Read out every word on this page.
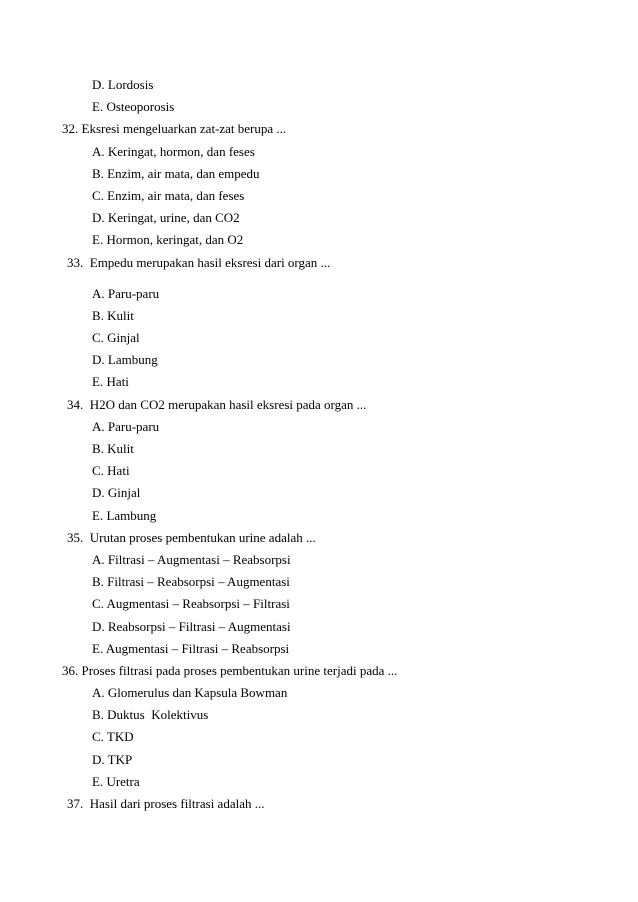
D. Lordosis
E. Osteoporosis
32. Eksresi mengeluarkan zat-zat berupa ...
A. Keringat, hormon, dan feses
B. Enzim, air mata, dan empedu
C. Enzim, air mata, dan feses
D. Keringat, urine, dan CO2
E. Hormon, keringat, dan O2
33.  Empedu merupakan hasil eksresi dari organ ...
A. Paru-paru
B. Kulit
C. Ginjal
D. Lambung
E. Hati
34.  H2O dan CO2 merupakan hasil eksresi pada organ ...
A. Paru-paru
B. Kulit
C. Hati
D. Ginjal
E. Lambung
35.  Urutan proses pembentukan urine adalah ...
A. Filtrasi – Augmentasi – Reabsorpsi
B. Filtrasi – Reabsorpsi – Augmentasi
C. Augmentasi – Reabsorpsi – Filtrasi
D. Reabsorpsi – Filtrasi – Augmentasi
E. Augmentasi – Filtrasi – Reabsorpsi
36. Proses filtrasi pada proses pembentukan urine terjadi pada ...
A. Glomerulus dan Kapsula Bowman
B. Duktus  Kolektivus
C. TKD
D. TKP
E. Uretra
37.  Hasil dari proses filtrasi adalah ...
